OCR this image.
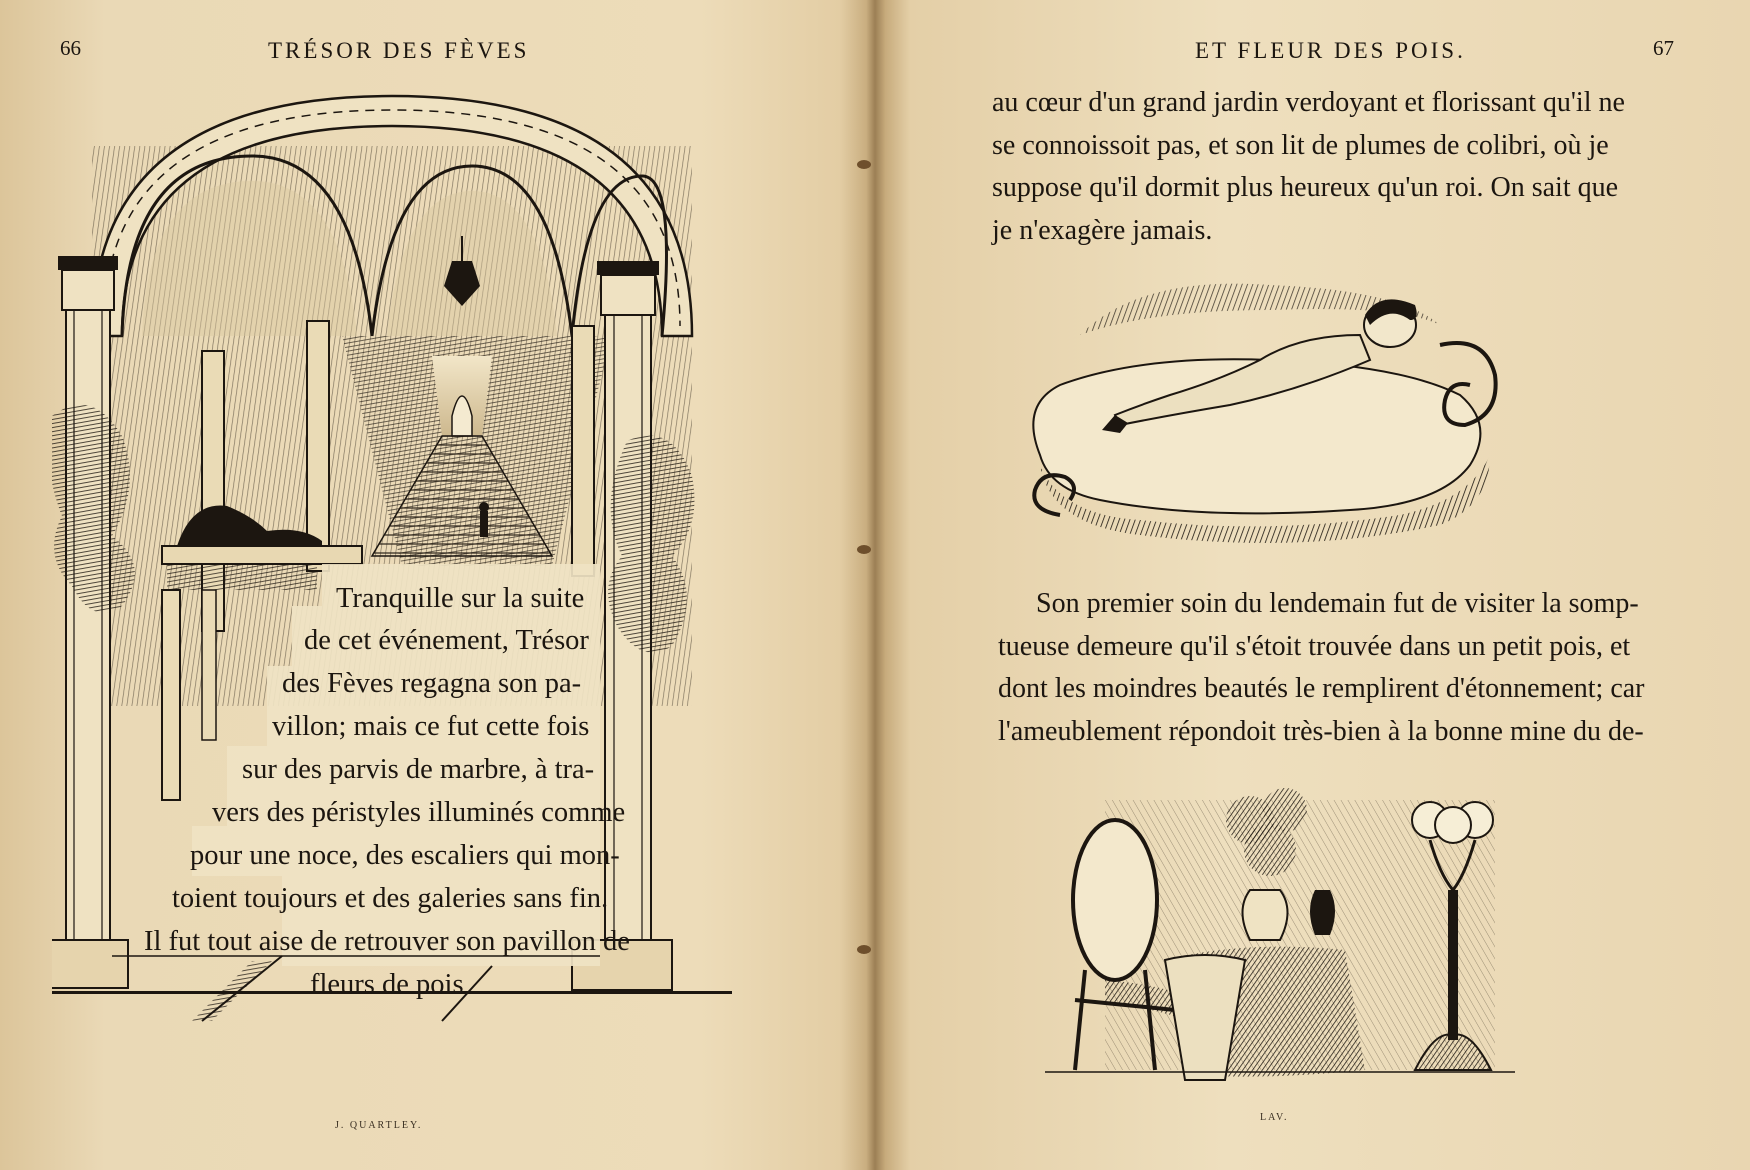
66	TRÉSOR DES FÈVES
Tranquille sur la suite
de cet événement, Trésor
des Fèves regagna son pa-
villon; mais ce fut cette fois
sur des parvis de marbre, à tra-
vers des péristyles illuminés comme
pour une noce, des escaliers qui mon-
toient toujours et des galeries sans fin.
Il fut tout aise de retrouver son pavillon de
fleurs de pois
J. QUARTLEY.
ET FLEUR DES POIS.	67
au cœur d'un grand jardin verdoyant et florissant qu'il ne
se connoissoit pas, et son lit de plumes de colibri, où je
suppose qu'il dormit plus heureux qu'un roi. On sait que
je n'exagère jamais.
Son premier soin du lendemain fut de visiter la somp-
tueuse demeure qu'il s'étoit trouvée dans un petit pois, et
dont les moindres beautés le remplirent d'étonnement; car
l'ameublement répondoit très-bien à la bonne mine du de-
LAV.
